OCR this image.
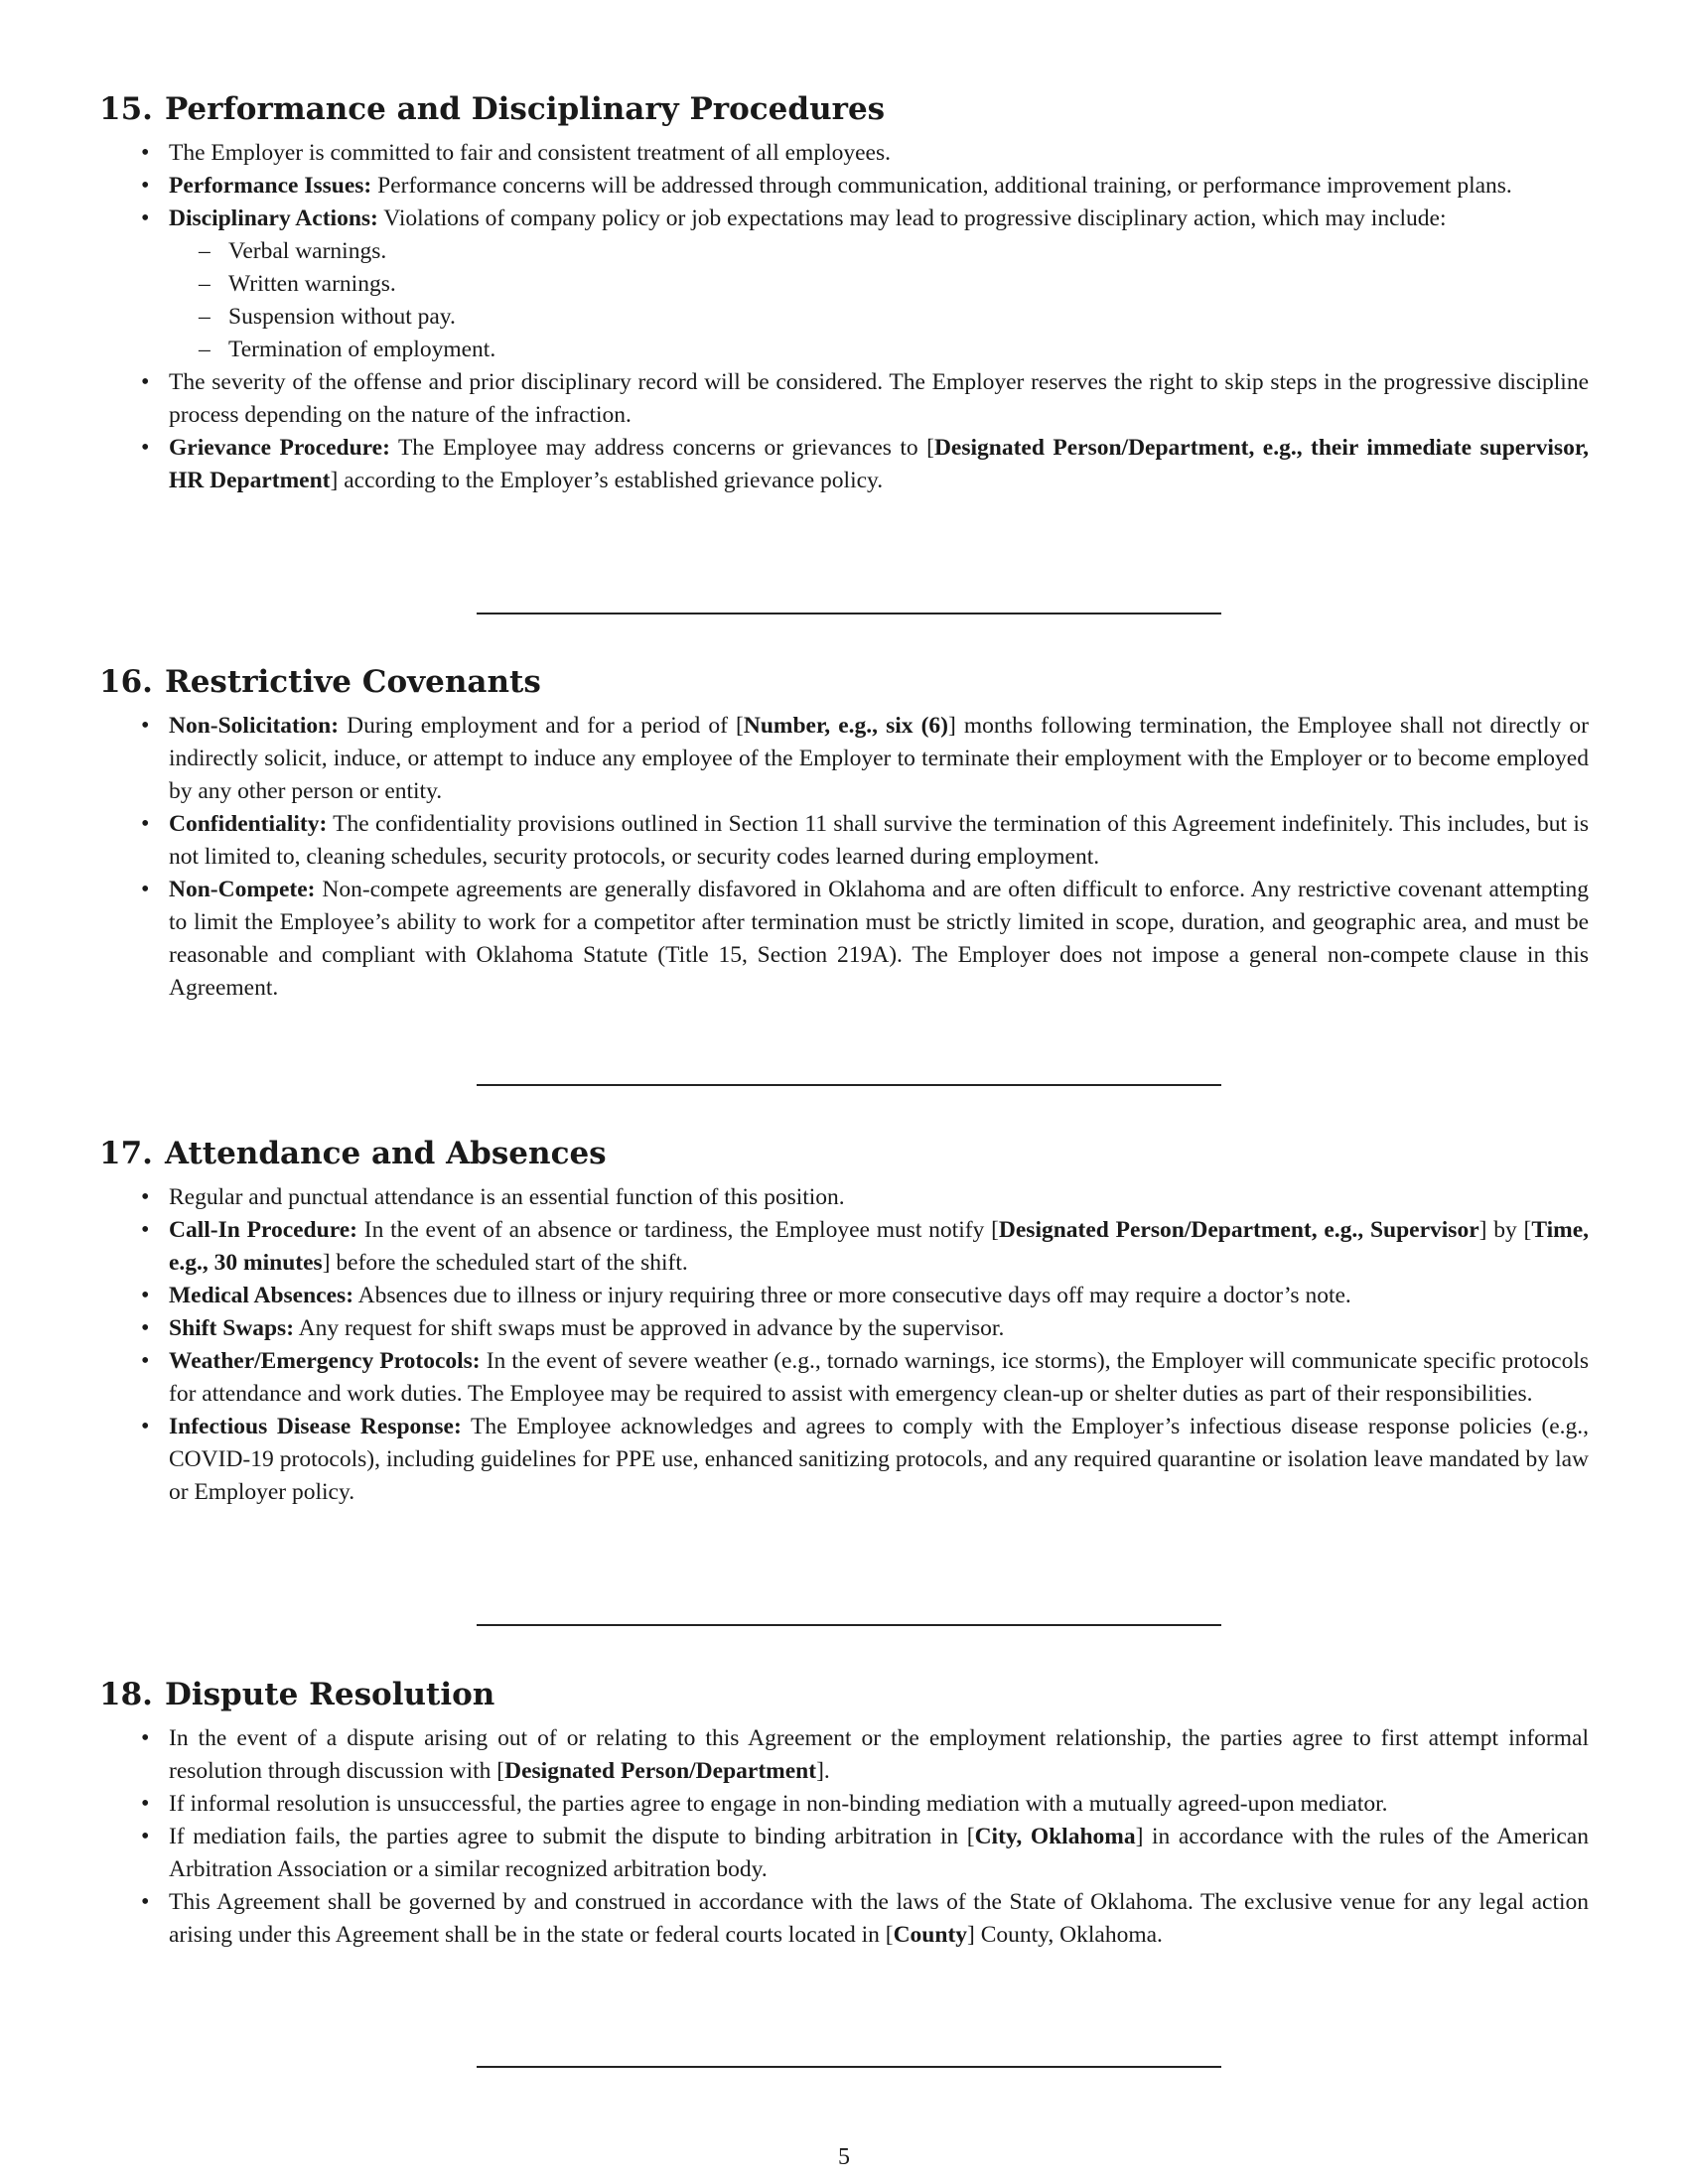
15. Performance and Disciplinary Procedures
• The Employer is committed to fair and consistent treatment of all employees.
• Performance Issues: Performance concerns will be addressed through communication, additional training, or performance improvement plans.
• Disciplinary Actions: Violations of company policy or job expectations may lead to progressive disciplinary action, which may include:
– Verbal warnings.
– Written warnings.
– Suspension without pay.
– Termination of employment.
• The severity of the offense and prior disciplinary record will be considered. The Employer reserves the right to skip steps in the progressive discipline process depending on the nature of the infraction.
• Grievance Procedure: The Employee may address concerns or grievances to [Designated Person/Department, e.g., their immediate supervisor, HR Department] according to the Employer’s established grievance policy.
16. Restrictive Covenants
• Non-Solicitation: During employment and for a period of [Number, e.g., six (6)] months following termination, the Employee shall not directly or indirectly solicit, induce, or attempt to induce any employee of the Employer to terminate their employment with the Employer or to become employed by any other person or entity.
• Confidentiality: The confidentiality provisions outlined in Section 11 shall survive the termination of this Agreement indefinitely. This includes, but is not limited to, cleaning schedules, security protocols, or security codes learned during employment.
• Non-Compete: Non-compete agreements are generally disfavored in Oklahoma and are often difficult to enforce. Any restrictive covenant attempting to limit the Employee’s ability to work for a competitor after termination must be strictly limited in scope, duration, and geographic area, and must be reasonable and compliant with Oklahoma Statute (Title 15, Section 219A). The Employer does not impose a general non-compete clause in this Agreement.
17. Attendance and Absences
• Regular and punctual attendance is an essential function of this position.
• Call-In Procedure: In the event of an absence or tardiness, the Employee must notify [Designated Person/Department, e.g., Supervisor] by [Time, e.g., 30 minutes] before the scheduled start of the shift.
• Medical Absences: Absences due to illness or injury requiring three or more consecutive days off may require a doctor’s note.
• Shift Swaps: Any request for shift swaps must be approved in advance by the supervisor.
• Weather/Emergency Protocols: In the event of severe weather (e.g., tornado warnings, ice storms), the Employer will communicate specific protocols for attendance and work duties. The Employee may be required to assist with emergency clean-up or shelter duties as part of their responsibilities.
• Infectious Disease Response: The Employee acknowledges and agrees to comply with the Employer’s infectious disease response policies (e.g., COVID-19 protocols), including guidelines for PPE use, enhanced sanitizing protocols, and any required quarantine or isolation leave mandated by law or Employer policy.
18. Dispute Resolution
• In the event of a dispute arising out of or relating to this Agreement or the employment relationship, the parties agree to first attempt informal resolution through discussion with [Designated Person/Department].
• If informal resolution is unsuccessful, the parties agree to engage in non-binding mediation with a mutually agreed-upon mediator.
• If mediation fails, the parties agree to submit the dispute to binding arbitration in [City, Oklahoma] in accordance with the rules of the American Arbitration Association or a similar recognized arbitration body.
• This Agreement shall be governed by and construed in accordance with the laws of the State of Oklahoma. The exclusive venue for any legal action arising under this Agreement shall be in the state or federal courts located in [County] County, Oklahoma.
5
